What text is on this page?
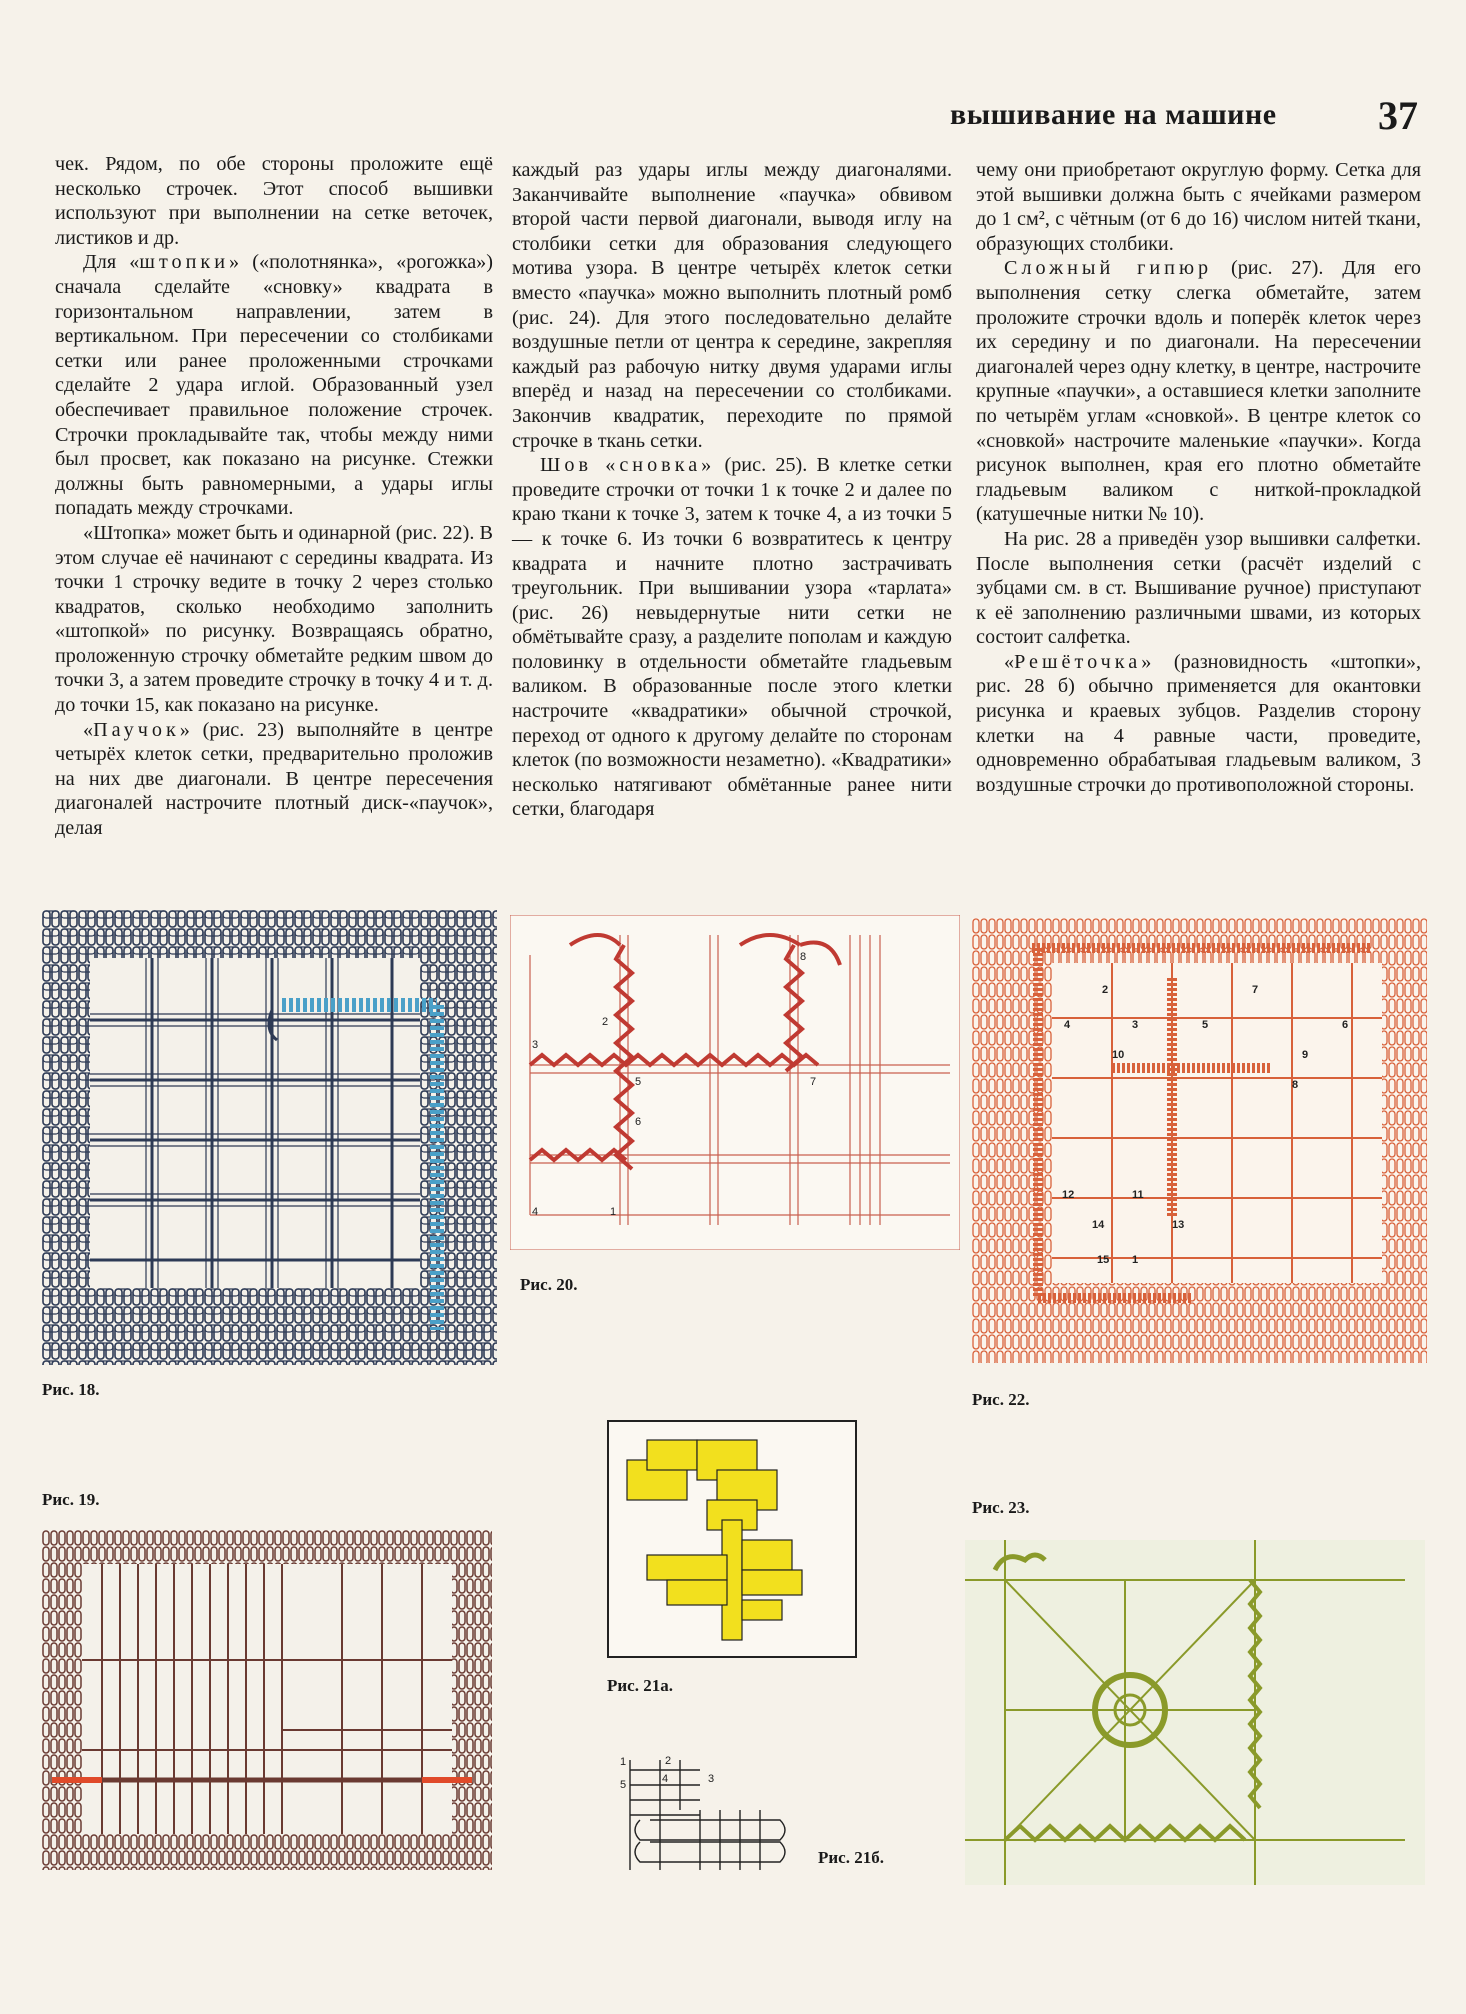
вышивание на машине	37

чек. Рядом, по обе стороны проложите ещё несколько строчек. Этот способ вышивки используют при выполнении на сетке веточек, листиков и др.

Для «штопки» («полотнянка», «рогожка») сначала сделайте «сновку» квадрата в горизонтальном направлении, затем в вертикальном. При пересечении со столбиками сетки или ранее проложенными строчками сделайте 2 удара иглой. Образованный узел обеспечивает правильное положение строчек. Строчки прокладывайте так, чтобы между ними был просвет, как показано на рисунке. Стежки должны быть равномерными, а удары иглы попадать между строчками.

«Штопка» может быть и одинарной (рис. 22). В этом случае её начинают с середины квадрата. Из точки 1 строчку ведите в точку 2 через столько квадратов, сколько необходимо заполнить «штопкой» по рисунку. Возвращаясь обратно, проложенную строчку обметайте редким швом до точки 3, а затем проведите строчку в точку 4 и т. д. до точки 15, как показано на рисунке.

«Паучок» (рис. 23) выполняйте в центре четырёх клеток сетки, предварительно проложив на них две диагонали. В центре пересечения диагоналей настрочите плотный диск-«паучок», делая

каждый раз удары иглы между диагоналями. Заканчивайте выполнение «паучка» обвивом второй части первой диагонали, выводя иглу на столбики сетки для образования следующего мотива узора. В центре четырёх клеток сетки вместо «паучка» можно выполнить плотный ромб (рис. 24). Для этого последовательно делайте воздушные петли от центра к середине, закрепляя каждый раз рабочую нитку двумя ударами иглы вперёд и назад на пересечении со столбиками. Закончив квадратик, переходите по прямой строчке в ткань сетки.

Шов «сновка» (рис. 25). В клетке сетки проведите строчки от точки 1 к точке 2 и далее по краю ткани к точке 3, затем к точке 4, а из точки 5 — к точке 6. Из точки 6 возвратитесь к центру квадрата и начните плотно застрачивать треугольник. При вышивании узора «тарлата» (рис. 26) невыдернутые нити сетки не обмётывайте сразу, а разделите пополам и каждую половинку в отдельности обметайте гладьевым валиком. В образованные после этого клетки настрочите «квадратики» обычной строчкой, переход от одного к другому делайте по сторонам клеток (по возможности незаметно). «Квадратики» несколько натягивают обмётанные ранее нити сетки, благодаря

чему они приобретают округлую форму. Сетка для этой вышивки должна быть с ячейками размером до 1 см², с чётным (от 6 до 16) числом нитей ткани, образующих столбики.

Сложный гипюр (рис. 27). Для его выполнения сетку слегка обметайте, затем проложите строчки вдоль и поперёк клеток через их середину и по диагонали. На пересечении диагоналей через одну клетку, в центре, настрочите крупные «паучки», а оставшиеся клетки заполните по четырём углам «сновкой». В центре клеток со «сновкой» настрочите маленькие «паучки». Когда рисунок выполнен, края его плотно обметайте гладьевым валиком с ниткой-прокладкой (катушечные нитки № 10).

На рис. 28 а приведён узор вышивки салфетки. После выполнения сетки (расчёт изделий с зубцами см. в ст. Вышивание ручное) приступают к её заполнению различными швами, из которых состоит салфетка.

«Решёточка» (разновидность «штопки», рис. 28 б) обычно применяется для окантовки рисунка и краевых зубцов. Разделив сторону клетки на 4 равные части, проведите, одновременно обрабатывая гладьевым валиком, 3 воздушные строчки до противоположной стороны.

Рис. 18.
Рис. 19.
2
8
3
5
6
7
4	1
Рис. 20.
Рис. 21а.
1	2
5	4	3
Рис. 21б.
2	7
4	3	5	6
10	9
8
12	11
14	13
15 1
Рис. 22.
Рис. 23.
